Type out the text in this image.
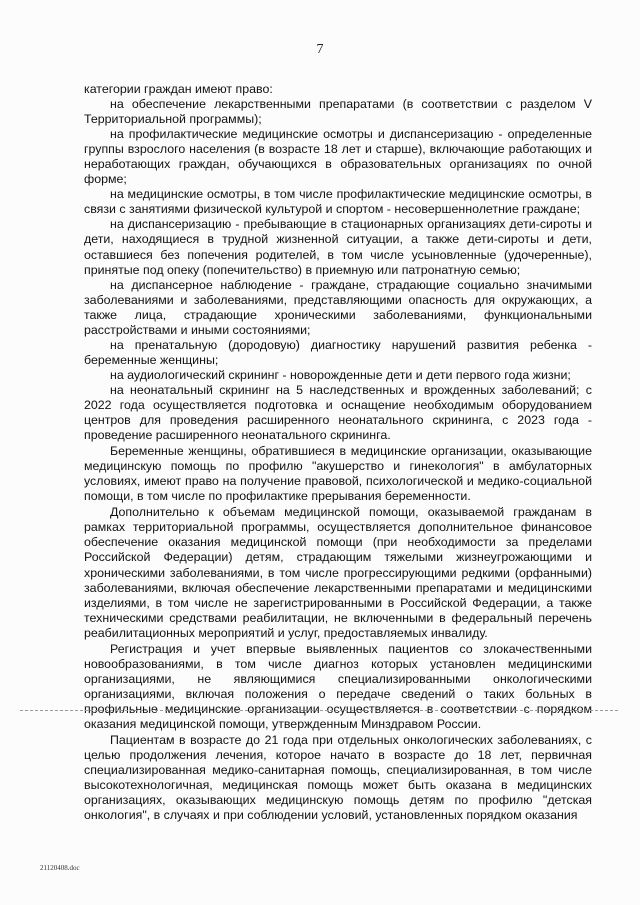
7

категории граждан имеют право:

на обеспечение лекарственными препаратами (в соответствии с разделом V Территориальной программы);

на профилактические медицинские осмотры и диспансеризацию - определенные группы взрослого населения (в возрасте 18 лет и старше), включающие работающих и неработающих граждан, обучающихся в образовательных организациях по очной форме;

на медицинские осмотры, в том числе профилактические медицинские осмотры, в связи с занятиями физической культурой и спортом - несовершеннолетние граждане;

на диспансеризацию - пребывающие в стационарных организациях дети-сироты и дети, находящиеся в трудной жизненной ситуации, а также дети-сироты и дети, оставшиеся без попечения родителей, в том числе усыновленные (удочеренные), принятые под опеку (попечительство) в приемную или патронатную семью;

на диспансерное наблюдение - граждане, страдающие социально значимыми заболеваниями и заболеваниями, представляющими опасность для окружающих, а также лица, страдающие хроническими заболеваниями, функциональными расстройствами и иными состояниями;

на пренатальную (дородовую) диагностику нарушений развития ребенка - беременные женщины;

на аудиологический скрининг - новорожденные дети и дети первого года жизни;

на неонатальный скрининг на 5 наследственных и врожденных заболеваний; с 2022 года осуществляется подготовка и оснащение необходимым оборудованием центров для проведения расширенного неонатального скрининга, с 2023 года - проведение расширенного неонатального скрининга.

Беременные женщины, обратившиеся в медицинские организации, оказывающие медицинскую помощь по профилю "акушерство и гинекология" в амбулаторных условиях, имеют право на получение правовой, психологической и медико-социальной помощи, в том числе по профилактике прерывания беременности.

Дополнительно к объемам медицинской помощи, оказываемой гражданам в рамках территориальной программы, осуществляется дополнительное финансовое обеспечение оказания медицинской помощи (при необходимости за пределами Российской Федерации) детям, страдающим тяжелыми жизнеугрожающими и хроническими заболеваниями, в том числе прогрессирующими редкими (орфанными) заболеваниями, включая обеспечение лекарственными препаратами и медицинскими изделиями, в том числе не зарегистрированными в Российской Федерации, а также техническими средствами реабилитации, не включенными в федеральный перечень реабилитационных мероприятий и услуг, предоставляемых инвалиду.

Регистрация и учет впервые выявленных пациентов со злокачественными новообразованиями, в том числе диагноз которых установлен медицинскими организациями, не являющимися специализированными онкологическими организациями, включая положения о передаче сведений о таких больных в профильные медицинские организации осуществляется в соответствии с порядком оказания медицинской помощи, утвержденным Минздравом России.

Пациентам в возрасте до 21 года при отдельных онкологических заболеваниях, с целью продолжения лечения, которое начато в возрасте до 18 лет, первичная специализированная медико-санитарная помощь, специализированная, в том числе высокотехнологичная, медицинская помощь может быть оказана в медицинских организациях, оказывающих медицинскую помощь детям по профилю "детская онкология", в случаях и при соблюдении условий, установленных порядком оказания

21120408.doc
